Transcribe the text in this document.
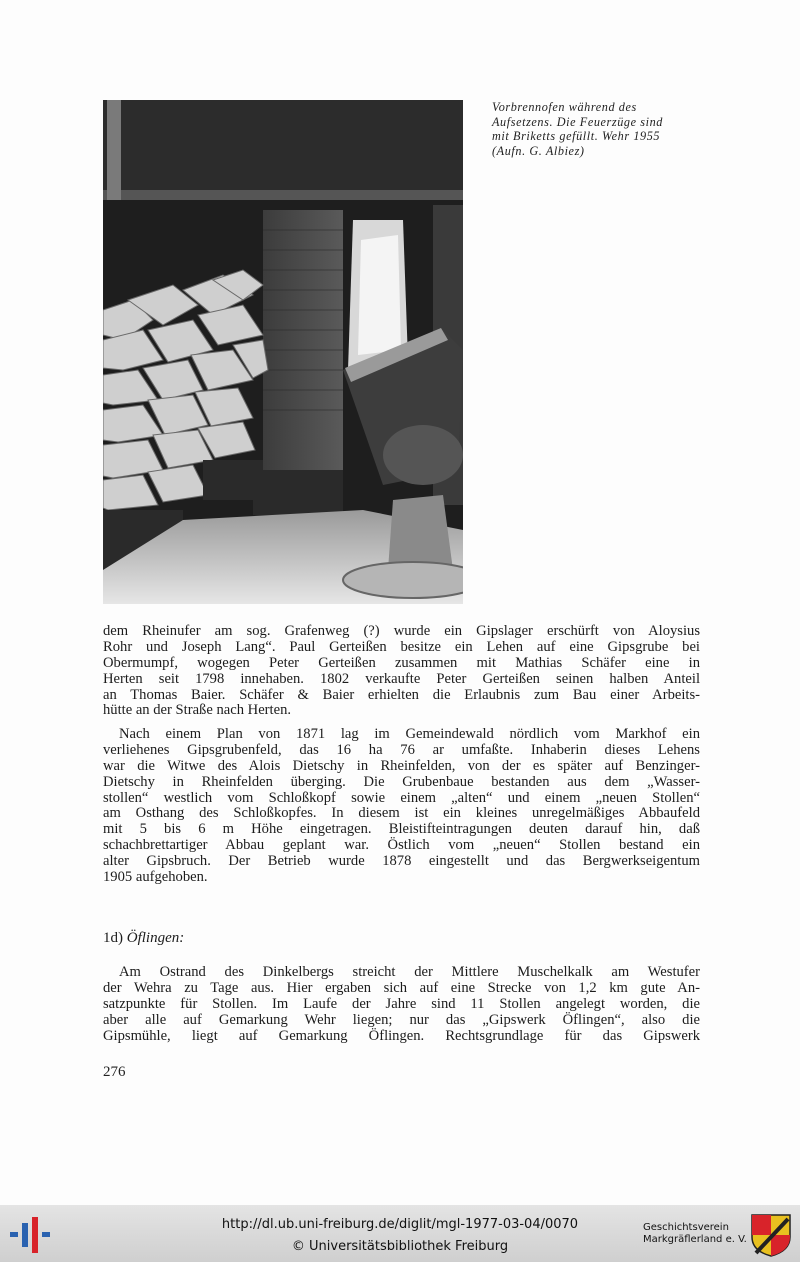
Vorbrennofen während des
Aufsetzens. Die Feuerzüge sind
mit Briketts gefüllt. Wehr 1955
(Aufn. G. Albiez)
dem Rheinufer am sog. Grafenweg (?) wurde ein Gipslager erschürft von Aloysius
Rohr und Joseph Lang“. Paul Gerteißen besitze ein Lehen auf eine Gipsgrube bei
Obermumpf, wogegen Peter Gerteißen zusammen mit Mathias Schäfer eine in
Herten seit 1798 innehaben. 1802 verkaufte Peter Gerteißen seinen halben Anteil
an Thomas Baier. Schäfer & Baier erhielten die Erlaubnis zum Bau einer Arbeits-
hütte an der Straße nach Herten.
Nach einem Plan von 1871 lag im Gemeindewald nördlich vom Markhof ein
verliehenes Gipsgrubenfeld, das 16 ha 76 ar umfaßte. Inhaberin dieses Lehens
war die Witwe des Alois Dietschy in Rheinfelden, von der es später auf Benzinger-
Dietschy in Rheinfelden überging. Die Grubenbaue bestanden aus dem „Wasser-
stollen“ westlich vom Schloßkopf sowie einem „alten“ und einem „neuen Stollen“
am Osthang des Schloßkopfes. In diesem ist ein kleines unregelmäßiges Abbaufeld
mit 5 bis 6 m Höhe eingetragen. Bleistifteintragungen deuten darauf hin, daß
schachbrettartiger Abbau geplant war. Östlich vom „neuen“ Stollen bestand ein
alter Gipsbruch. Der Betrieb wurde 1878 eingestellt und das Bergwerkseigentum
1905 aufgehoben.
1d) Öflingen:
Am Ostrand des Dinkelbergs streicht der Mittlere Muschelkalk am Westufer
der Wehra zu Tage aus. Hier ergaben sich auf eine Strecke von 1,2 km gute An-
satzpunkte für Stollen. Im Laufe der Jahre sind 11 Stollen angelegt worden, die
aber alle auf Gemarkung Wehr liegen; nur das „Gipswerk Öflingen“, also die
Gipsmühle, liegt auf Gemarkung Öflingen. Rechtsgrundlage für das Gipswerk
276
http://dl.ub.uni-freiburg.de/diglit/mgl-1977-03-04/0070
© Universitätsbibliothek Freiburg
Geschichtsverein
Markgräflerland e. V.
